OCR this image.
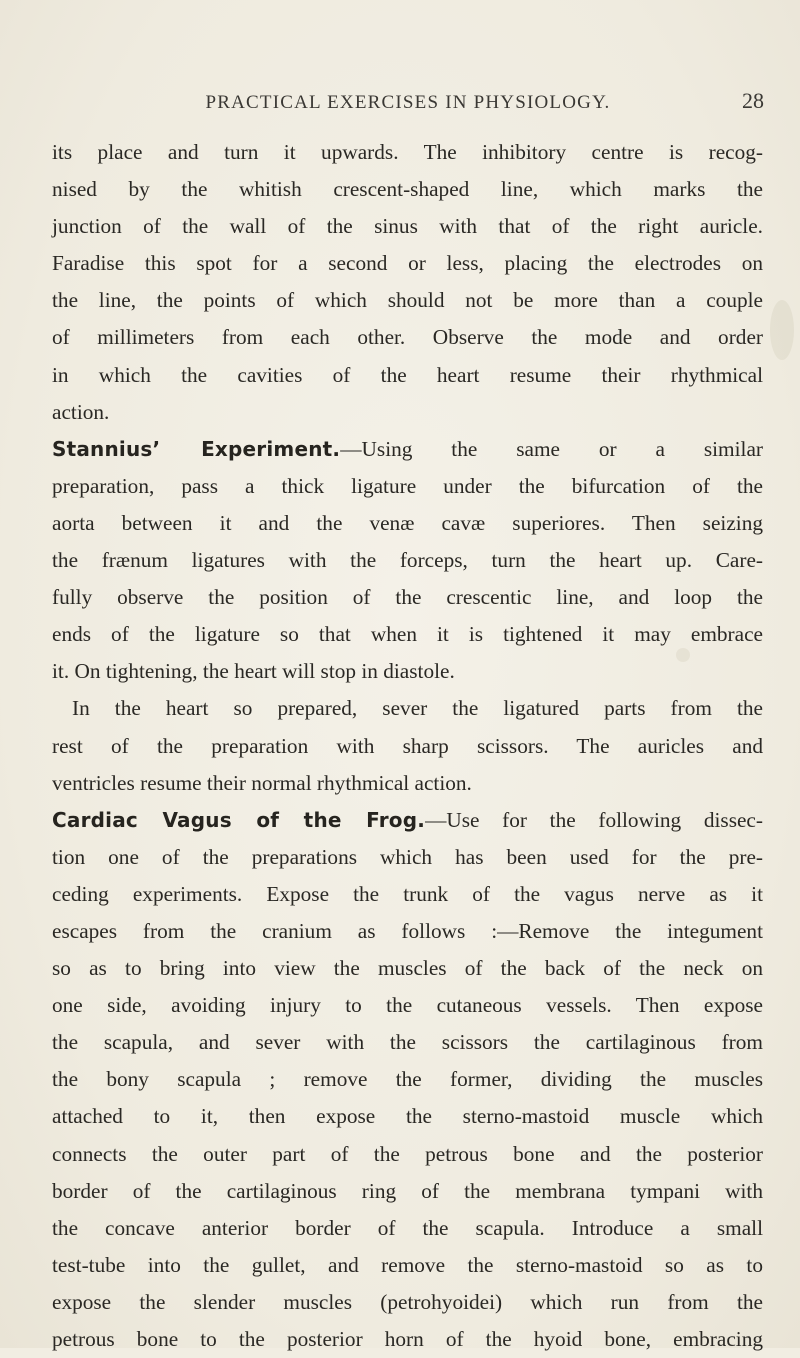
PRACTICAL EXERCISES IN PHYSIOLOGY.	28
its place and turn it upwards. The inhibitory centre is recog-
nised by the whitish crescent-shaped line, which marks the
junction of the wall of the sinus with that of the right auricle.
Faradise this spot for a second or less, placing the electrodes on
the line, the points of which should not be more than a couple
of millimeters from each other. Observe the mode and order
in which the cavities of the heart resume their rhythmical
action.
Stannius’ Experiment.—Using the same or a similar
preparation, pass a thick ligature under the bifurcation of the
aorta between it and the venæ cavæ superiores. Then seizing
the frænum ligatures with the forceps, turn the heart up. Care-
fully observe the position of the crescentic line, and loop the
ends of the ligature so that when it is tightened it may embrace
it. On tightening, the heart will stop in diastole.
In the heart so prepared, sever the ligatured parts from the
rest of the preparation with sharp scissors. The auricles and
ventricles resume their normal rhythmical action.
Cardiac Vagus of the Frog.—Use for the following dissec-
tion one of the preparations which has been used for the pre-
ceding experiments. Expose the trunk of the vagus nerve as it
escapes from the cranium as follows :—Remove the integument
so as to bring into view the muscles of the back of the neck on
one side, avoiding injury to the cutaneous vessels. Then expose
the scapula, and sever with the scissors the cartilaginous from
the bony scapula ; remove the former, dividing the muscles
attached to it, then expose the sterno-mastoid muscle which
connects the outer part of the petrous bone and the posterior
border of the cartilaginous ring of the membrana tympani with
the concave anterior border of the scapula. Introduce a small
test-tube into the gullet, and remove the sterno-mastoid so as to
expose the slender muscles (petrohyoidei) which run from the
petrous bone to the posterior horn of the hyoid bone, embracing
